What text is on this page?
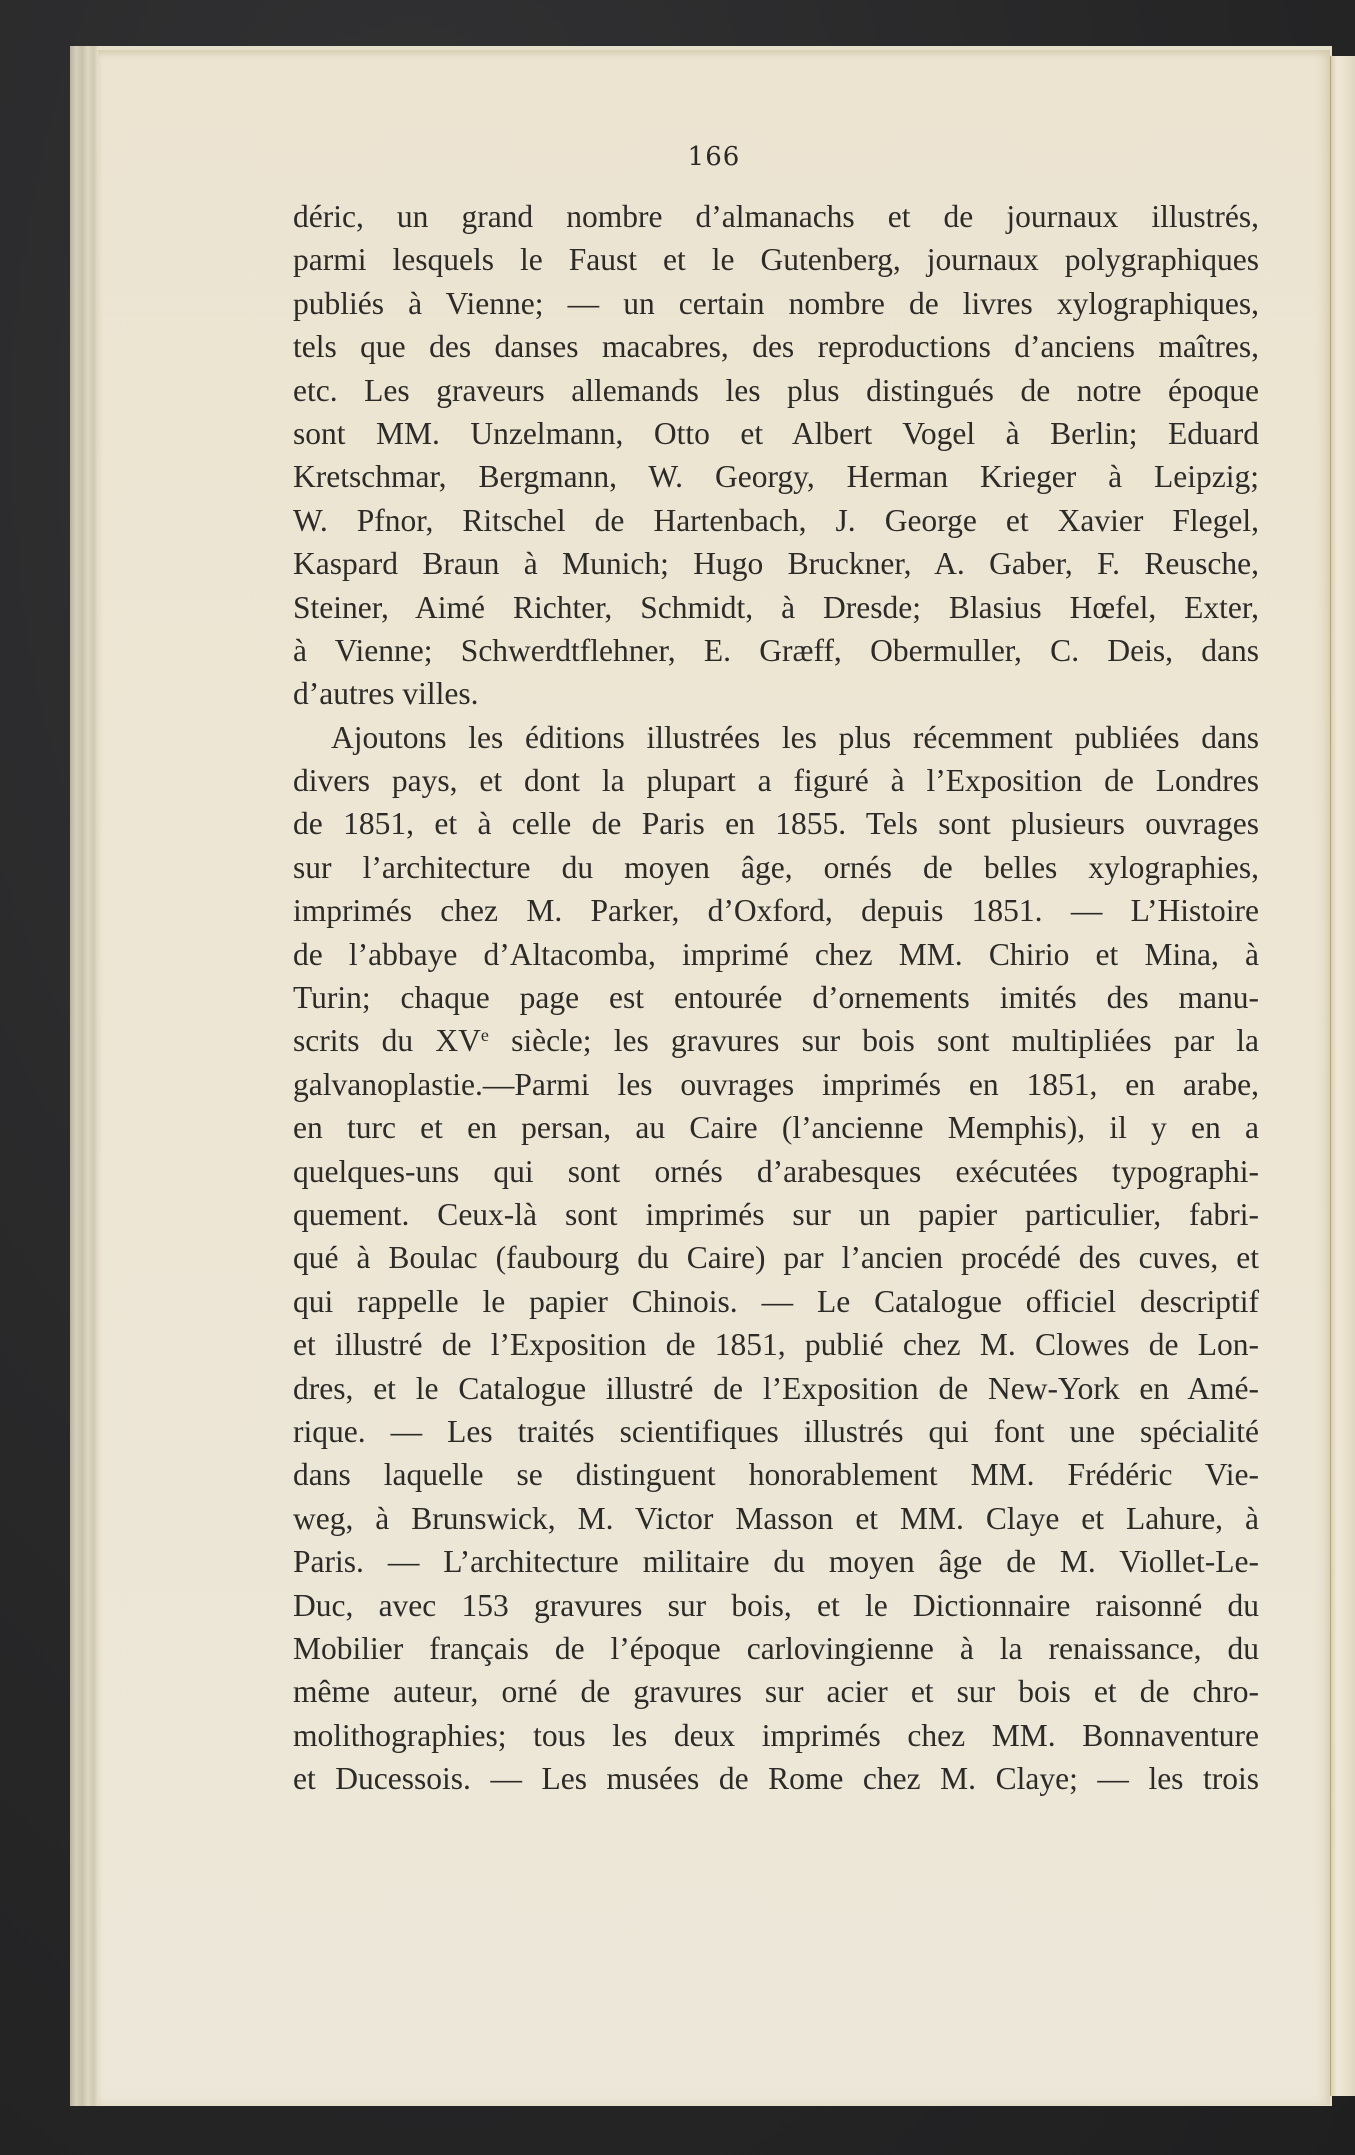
166
déric, un grand nombre d’almanachs et de journaux illustrés,
parmi lesquels le Faust et le Gutenberg, journaux polygraphiques
publiés à Vienne; — un certain nombre de livres xylographiques,
tels que des danses macabres, des reproductions d’anciens maîtres,
etc. Les graveurs allemands les plus distingués de notre époque
sont MM. Unzelmann, Otto et Albert Vogel à Berlin; Eduard
Kretschmar, Bergmann, W. Georgy, Herman Krieger à Leipzig;
W. Pfnor, Ritschel de Hartenbach, J. George et Xavier Flegel,
Kaspard Braun à Munich; Hugo Bruckner, A. Gaber, F. Reusche,
Steiner, Aimé Richter, Schmidt, à Dresde; Blasius Hœfel, Exter,
à Vienne; Schwerdtflehner, E. Græff, Obermuller, C. Deis, dans
d’autres villes.
Ajoutons les éditions illustrées les plus récemment publiées dans
divers pays, et dont la plupart a figuré à l’Exposition de Londres
de 1851, et à celle de Paris en 1855. Tels sont plusieurs ouvrages
sur l’architecture du moyen âge, ornés de belles xylographies,
imprimés chez M. Parker, d’Oxford, depuis 1851. — L’Histoire
de l’abbaye d’Altacomba, imprimé chez MM. Chirio et Mina, à
Turin; chaque page est entourée d’ornements imités des manu-
scrits du XVe siècle; les gravures sur bois sont multipliées par la
galvanoplastie.—Parmi les ouvrages imprimés en 1851, en arabe,
en turc et en persan, au Caire (l’ancienne Memphis), il y en a
quelques-uns qui sont ornés d’arabesques exécutées typographi-
quement. Ceux-là sont imprimés sur un papier particulier, fabri-
qué à Boulac (faubourg du Caire) par l’ancien procédé des cuves, et
qui rappelle le papier Chinois. — Le Catalogue officiel descriptif
et illustré de l’Exposition de 1851, publié chez M. Clowes de Lon-
dres, et le Catalogue illustré de l’Exposition de New-York en Amé-
rique. — Les traités scientifiques illustrés qui font une spécialité
dans laquelle se distinguent honorablement MM. Frédéric Vie-
weg, à Brunswick, M. Victor Masson et MM. Claye et Lahure, à
Paris. — L’architecture militaire du moyen âge de M. Viollet-Le-
Duc, avec 153 gravures sur bois, et le Dictionnaire raisonné du
Mobilier français de l’époque carlovingienne à la renaissance, du
même auteur, orné de gravures sur acier et sur bois et de chro-
molithographies; tous les deux imprimés chez MM. Bonnaventure
et Ducessois. — Les musées de Rome chez M. Claye; — les trois
